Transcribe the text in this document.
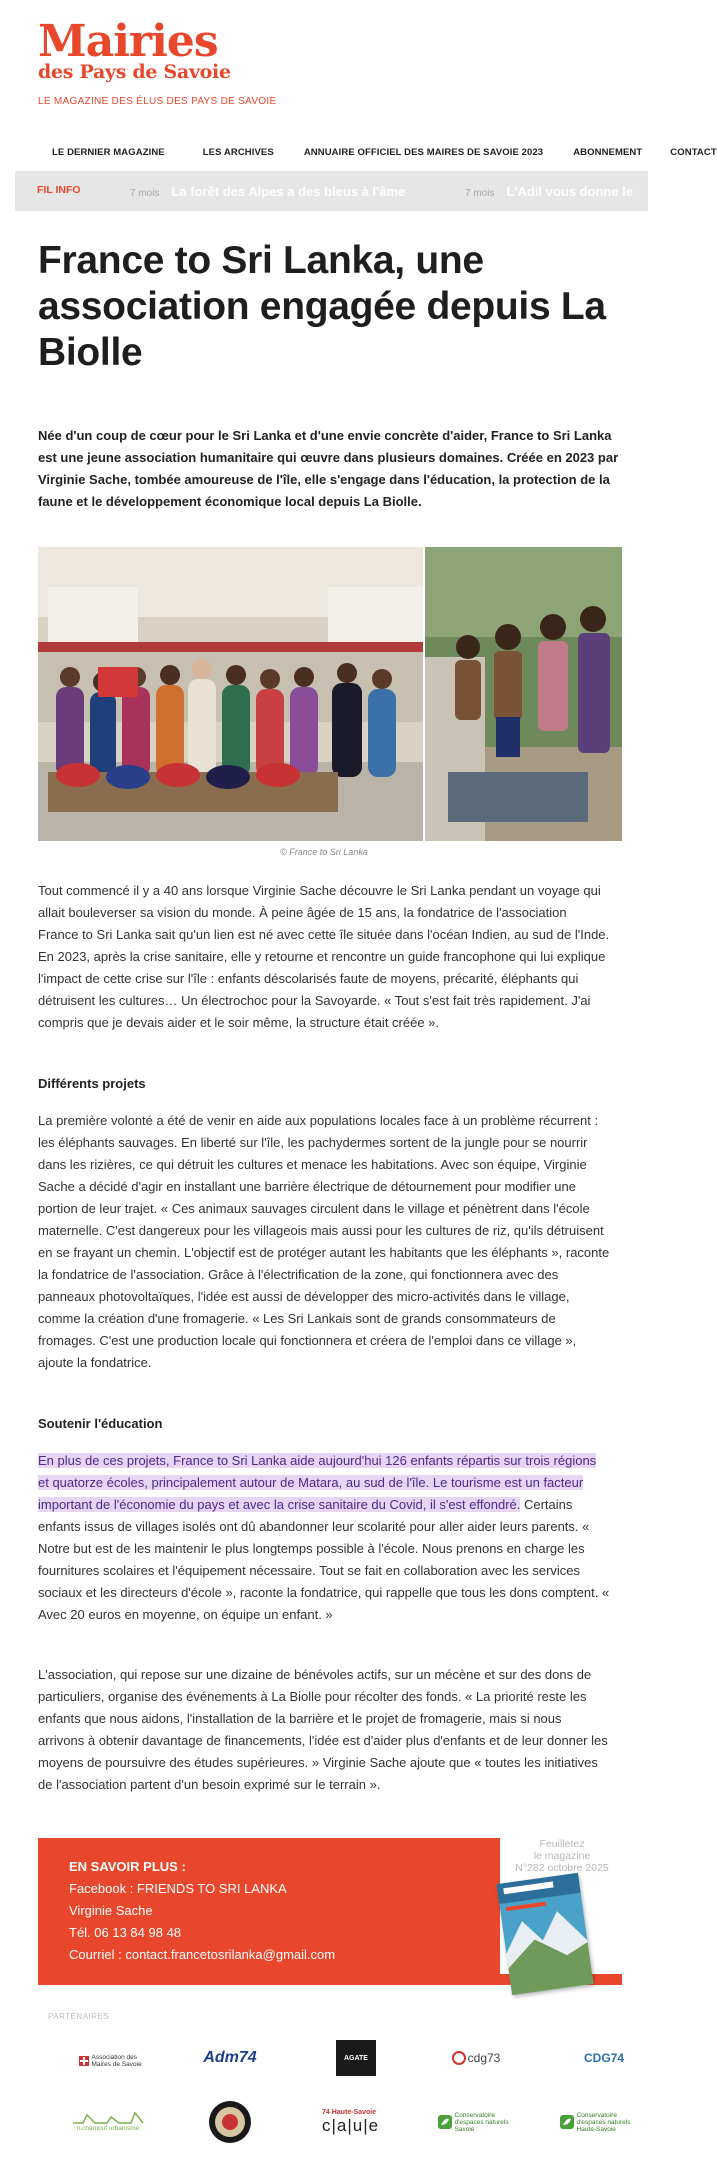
Mairies
des Pays de Savoie
LE MAGAZINE DES ÉLUS DES PAYS DE SAVOIE
LE DERNIER MAGAZINE	LES ARCHIVES	ANNUAIRE OFFICIEL DES MAIRES DE SAVOIE 2023	ABONNEMENT	CONTACT
FIL INFO	7 mois La forêt des Alpes a des bleus à l'âme	7 mois L'Adil vous donne le
France to Sri Lanka, une association engagée depuis La Biolle

Née d'un coup de cœur pour le Sri Lanka et d'une envie concrète d'aider, France to Sri Lanka est une jeune association humanitaire qui œuvre dans plusieurs domaines. Créée en 2023 par Virginie Sache, tombée amoureuse de l'île, elle s'engage dans l'éducation, la protection de la faune et le développement économique local depuis La Biolle.

© France to Sri Lanka

Tout commencé il y a 40 ans lorsque Virginie Sache découvre le Sri Lanka pendant un voyage qui allait bouleverser sa vision du monde. À peine âgée de 15 ans, la fondatrice de l'association France to Sri Lanka sait qu'un lien est né avec cette île située dans l'océan Indien, au sud de l'Inde. En 2023, après la crise sanitaire, elle y retourne et rencontre un guide francophone qui lui explique l'impact de cette crise sur l'île : enfants déscolarisés faute de moyens, précarité, éléphants qui détruisent les cultures… Un électrochoc pour la Savoyarde. « Tout s'est fait très rapidement. J'ai compris que je devais aider et le soir même, la structure était créée ».

Différents projets

La première volonté a été de venir en aide aux populations locales face à un problème récurrent : les éléphants sauvages. En liberté sur l'île, les pachydermes sortent de la jungle pour se nourrir dans les rizières, ce qui détruit les cultures et menace les habitations. Avec son équipe, Virginie Sache a décidé d'agir en installant une barrière électrique de détournement pour modifier une portion de leur trajet. « Ces animaux sauvages circulent dans le village et pénètrent dans l'école maternelle. C'est dangereux pour les villageois mais aussi pour les cultures de riz, qu'ils détruisent en se frayant un chemin. L'objectif est de protéger autant les habitants que les éléphants », raconte la fondatrice de l'association. Grâce à l'électrification de la zone, qui fonctionnera avec des panneaux photovoltaïques, l'idée est aussi de développer des micro-activités dans le village, comme la création d'une fromagerie. « Les Sri Lankais sont de grands consommateurs de fromages. C'est une production locale qui fonctionnera et créera de l'emploi dans ce village », ajoute la fondatrice.

Soutenir l'éducation

En plus de ces projets, France to Sri Lanka aide aujourd'hui 126 enfants répartis sur trois régions et quatorze écoles, principalement autour de Matara, au sud de l'île. Le tourisme est un facteur important de l'économie du pays et avec la crise sanitaire du Covid, il s'est effondré. Certains enfants issus de villages isolés ont dû abandonner leur scolarité pour aller aider leurs parents. « Notre but est de les maintenir le plus longtemps possible à l'école. Nous prenons en charge les fournitures scolaires et l'équipement nécessaire. Tout se fait en collaboration avec les services sociaux et les directeurs d'école », raconte la fondatrice, qui rappelle que tous les dons comptent. « Avec 20 euros en moyenne, on équipe un enfant. »

L'association, qui repose sur une dizaine de bénévoles actifs, sur un mécène et sur des dons de particuliers, organise des événements à La Biolle pour récolter des fonds. « La priorité reste les enfants que nous aidons, l'installation de la barrière et le projet de fromagerie, mais si nous arrivons à obtenir davantage de financements, l'idée est d'aider plus d'enfants et de leur donner les moyens de poursuivre des études supérieures. » Virginie Sache ajoute que « toutes les initiatives de l'association partent d'un besoin exprimé sur le terrain ».

EN SAVOIR PLUS :
Facebook : FRIENDS TO SRI LANKA
Virginie Sache
Tél. 06 13 84 98 48
Courriel : contact.francetosrilanka@gmail.com
Feuilletez
le magazine
N°282 octobre 2025
PARTENAIRES
Association des Maires de Savoie	Adm74	AGATE	cdg73	CDG74
n.chamouf urbanisme
74 Haute-Savoie
c|a|u|e
Conservatoire d'espaces naturels Savoie
Conservatoire d'espaces naturels Haute-Savoie
